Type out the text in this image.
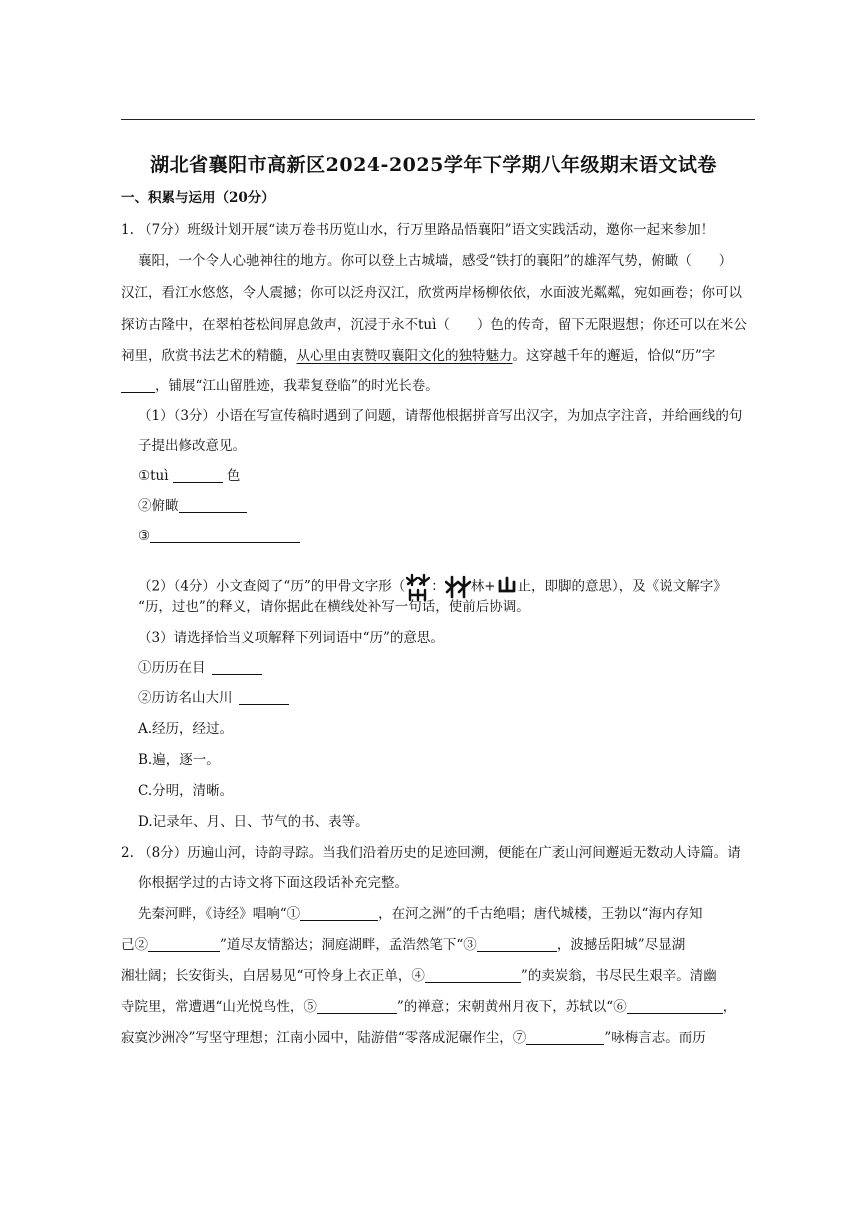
湖北省襄阳市高新区2024-2025学年下学期八年级期末语文试卷
一、积累与运用（20分）
1. （7分）班级计划开展“读万卷书历览山水，行万里路品悟襄阳”语文实践活动，邀你一起来参加！
襄阳，一个令人心驰神往的地方。你可以登上古城墙，感受“铁打的襄阳”的雄浑气势，俯瞰（　　）
汉江，看江水悠悠，令人震撼；你可以泛舟汉江，欣赏两岸杨柳依依，水面波光粼粼，宛如画卷；你可以
探访古隆中，在翠柏苍松间屏息敛声，沉浸于永不tuì（　　）色的传奇，留下无限遐想；你还可以在米公
祠里，欣赏书法艺术的精髓，从心里由衷赞叹襄阳文化的独特魅力。这穿越千年的邂逅，恰似“历”字
，铺展“江山留胜迹，我辈复登临”的时光长卷。
（1）（3分）小语在写宣传稿时遇到了问题，请帮他根据拼音写出汉字，为加点字注音，并给画线的句
子提出修改意见。
①tuì	色
②俯瞰
③
（2）（4分）小文查阅了“历”的甲骨文字形（ ： 林+ 止，即脚的意思），及《说文解字》
“历，过也”的释义，请你据此在横线处补写一句话，使前后协调。
（3）请选择恰当义项解释下列词语中“历”的意思。
①历历在目
②历访名山大川
A.经历，经过。
B.遍，逐一。
C.分明，清晰。
D.记录年、月、日、节气的书、表等。
2. （8分）历遍山河，诗韵寻踪。当我们沿着历史的足迹回溯，便能在广袤山河间邂逅无数动人诗篇。请
你根据学过的古诗文将下面这段话补充完整。
先秦河畔，《诗经》唱响“①	，在河之洲”的千古绝唱；唐代城楼，王勃以“海内存知
己②	”道尽友情豁达；洞庭湖畔，孟浩然笔下“③	，波撼岳阳城”尽显湖
湘壮阔；长安街头，白居易见“可怜身上衣正单，④	”的卖炭翁，书尽民生艰辛。清幽
寺院里，常遭遇“山光悦鸟性，⑤	”的禅意；宋朝黄州月夜下，苏轼以“⑥	，
寂寞沙洲冷”写坚守理想；江南小园中，陆游借“零落成泥碾作尘，⑦	”咏梅言志。而历
